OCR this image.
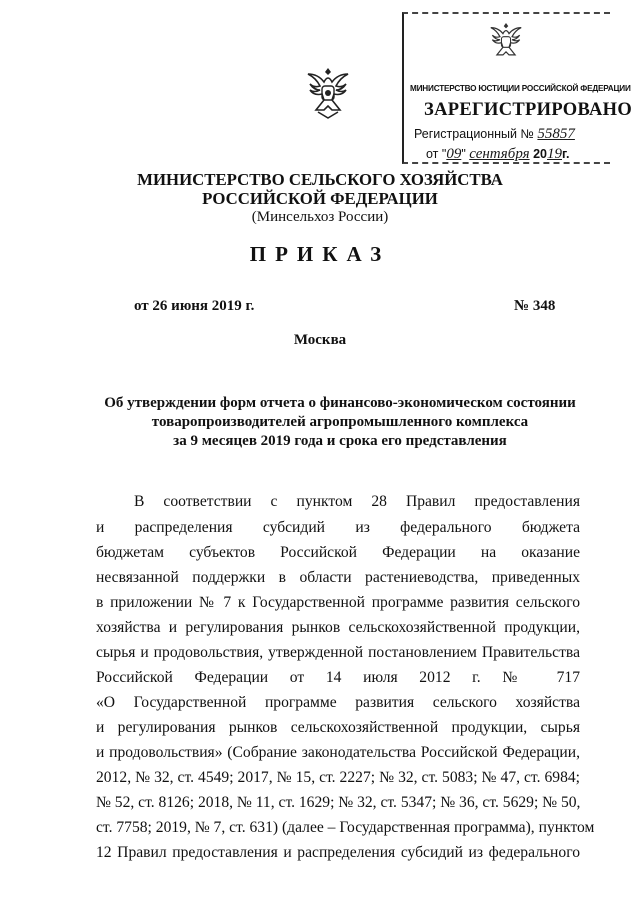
МИНИСТЕРСТВО ЮСТИЦИИ РОССИЙСКОЙ ФЕДЕРАЦИИ
ЗАРЕГИСТРИРОВАНО
Регистрационный № 55857
от "09" сентября 2019г.
МИНИСТЕРСТВО СЕЛЬСКОГО ХОЗЯЙСТВА
РОССИЙСКОЙ ФЕДЕРАЦИИ
(Минсельхоз России)
ПРИКАЗ
от 26 июня 2019 г.	№ 348
Москва
Об утверждении форм отчета о финансово-экономическом состоянии
товаропроизводителей агропромышленного комплекса
за 9 месяцев 2019 года и срока его представления
В соответствии с пунктом 28 Правил предоставления
и распределения субсидий из федерального бюджета
бюджетам субъектов Российской Федерации на оказание
несвязанной поддержки в области растениеводства, приведенных
в приложении № 7 к Государственной программе развития сельского
хозяйства и регулирования рынков сельскохозяйственной продукции,
сырья и продовольствия, утвержденной постановлением Правительства
Российской Федерации от 14 июля 2012 г. № 717
«О Государственной программе развития сельского хозяйства
и регулирования рынков сельскохозяйственной продукции, сырья
и продовольствия» (Собрание законодательства Российской Федерации,
2012, № 32, ст. 4549; 2017, № 15, ст. 2227; № 32, ст. 5083; № 47, ст. 6984;
№ 52, ст. 8126; 2018, № 11, ст. 1629; № 32, ст. 5347; № 36, ст. 5629; № 50,
ст. 7758; 2019, № 7, ст. 631) (далее – Государственная программа), пунктом
12 Правил предоставления и распределения субсидий из федерального
